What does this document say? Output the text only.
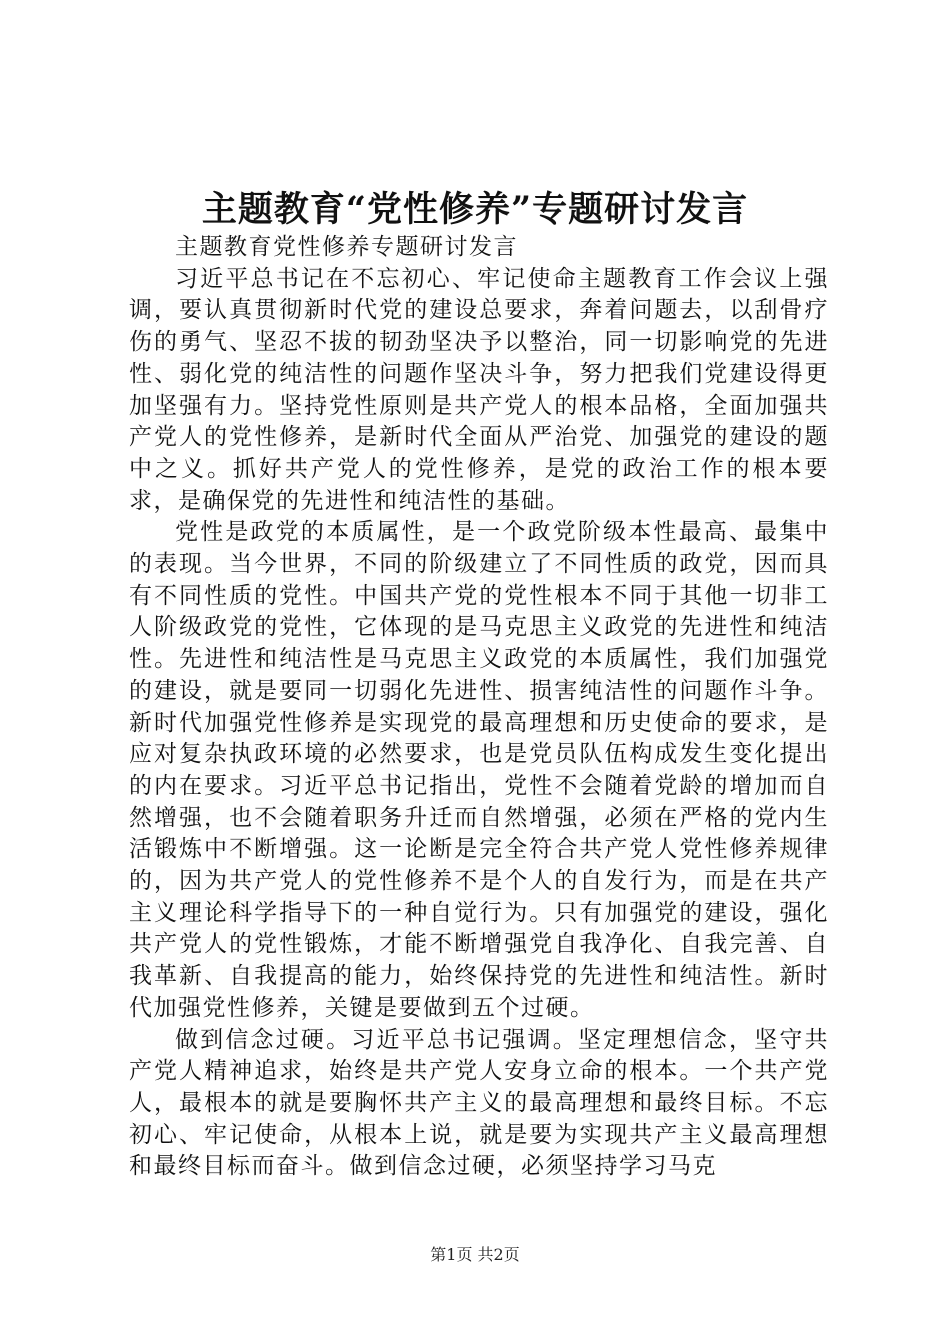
主题教育“党性修养”专题研讨发言

主题教育党性修养专题研讨发言

习近平总书记在不忘初心、牢记使命主题教育工作会议上强调，要认真贯彻新时代党的建设总要求，奔着问题去，以刮骨疗伤的勇气、坚忍不拔的韧劲坚决予以整治，同一切影响党的先进性、弱化党的纯洁性的问题作坚决斗争，努力把我们党建设得更加坚强有力。坚持党性原则是共产党人的根本品格，全面加强共产党人的党性修养，是新时代全面从严治党、加强党的建设的题中之义。抓好共产党人的党性修养，是党的政治工作的根本要求，是确保党的先进性和纯洁性的基础。

党性是政党的本质属性，是一个政党阶级本性最高、最集中的表现。当今世界，不同的阶级建立了不同性质的政党，因而具有不同性质的党性。中国共产党的党性根本不同于其他一切非工人阶级政党的党性，它体现的是马克思主义政党的先进性和纯洁性。先进性和纯洁性是马克思主义政党的本质属性，我们加强党的建设，就是要同一切弱化先进性、损害纯洁性的问题作斗争。新时代加强党性修养是实现党的最高理想和历史使命的要求，是应对复杂执政环境的必然要求，也是党员队伍构成发生变化提出的内在要求。习近平总书记指出，党性不会随着党龄的增加而自然增强，也不会随着职务升迁而自然增强，必须在严格的党内生活锻炼中不断增强。这一论断是完全符合共产党人党性修养规律的，因为共产党人的党性修养不是个人的自发行为，而是在共产主义理论科学指导下的一种自觉行为。只有加强党的建设，强化共产党人的党性锻炼，才能不断增强党自我净化、自我完善、自我革新、自我提高的能力，始终保持党的先进性和纯洁性。新时代加强党性修养，关键是要做到五个过硬。

做到信念过硬。习近平总书记强调。坚定理想信念，坚守共产党人精神追求，始终是共产党人安身立命的根本。一个共产党人，最根本的就是要胸怀共产主义的最高理想和最终目标。不忘初心、牢记使命，从根本上说，就是要为实现共产主义最高理想和最终目标而奋斗。做到信念过硬，必须坚持学习马克

第1页 共2页
